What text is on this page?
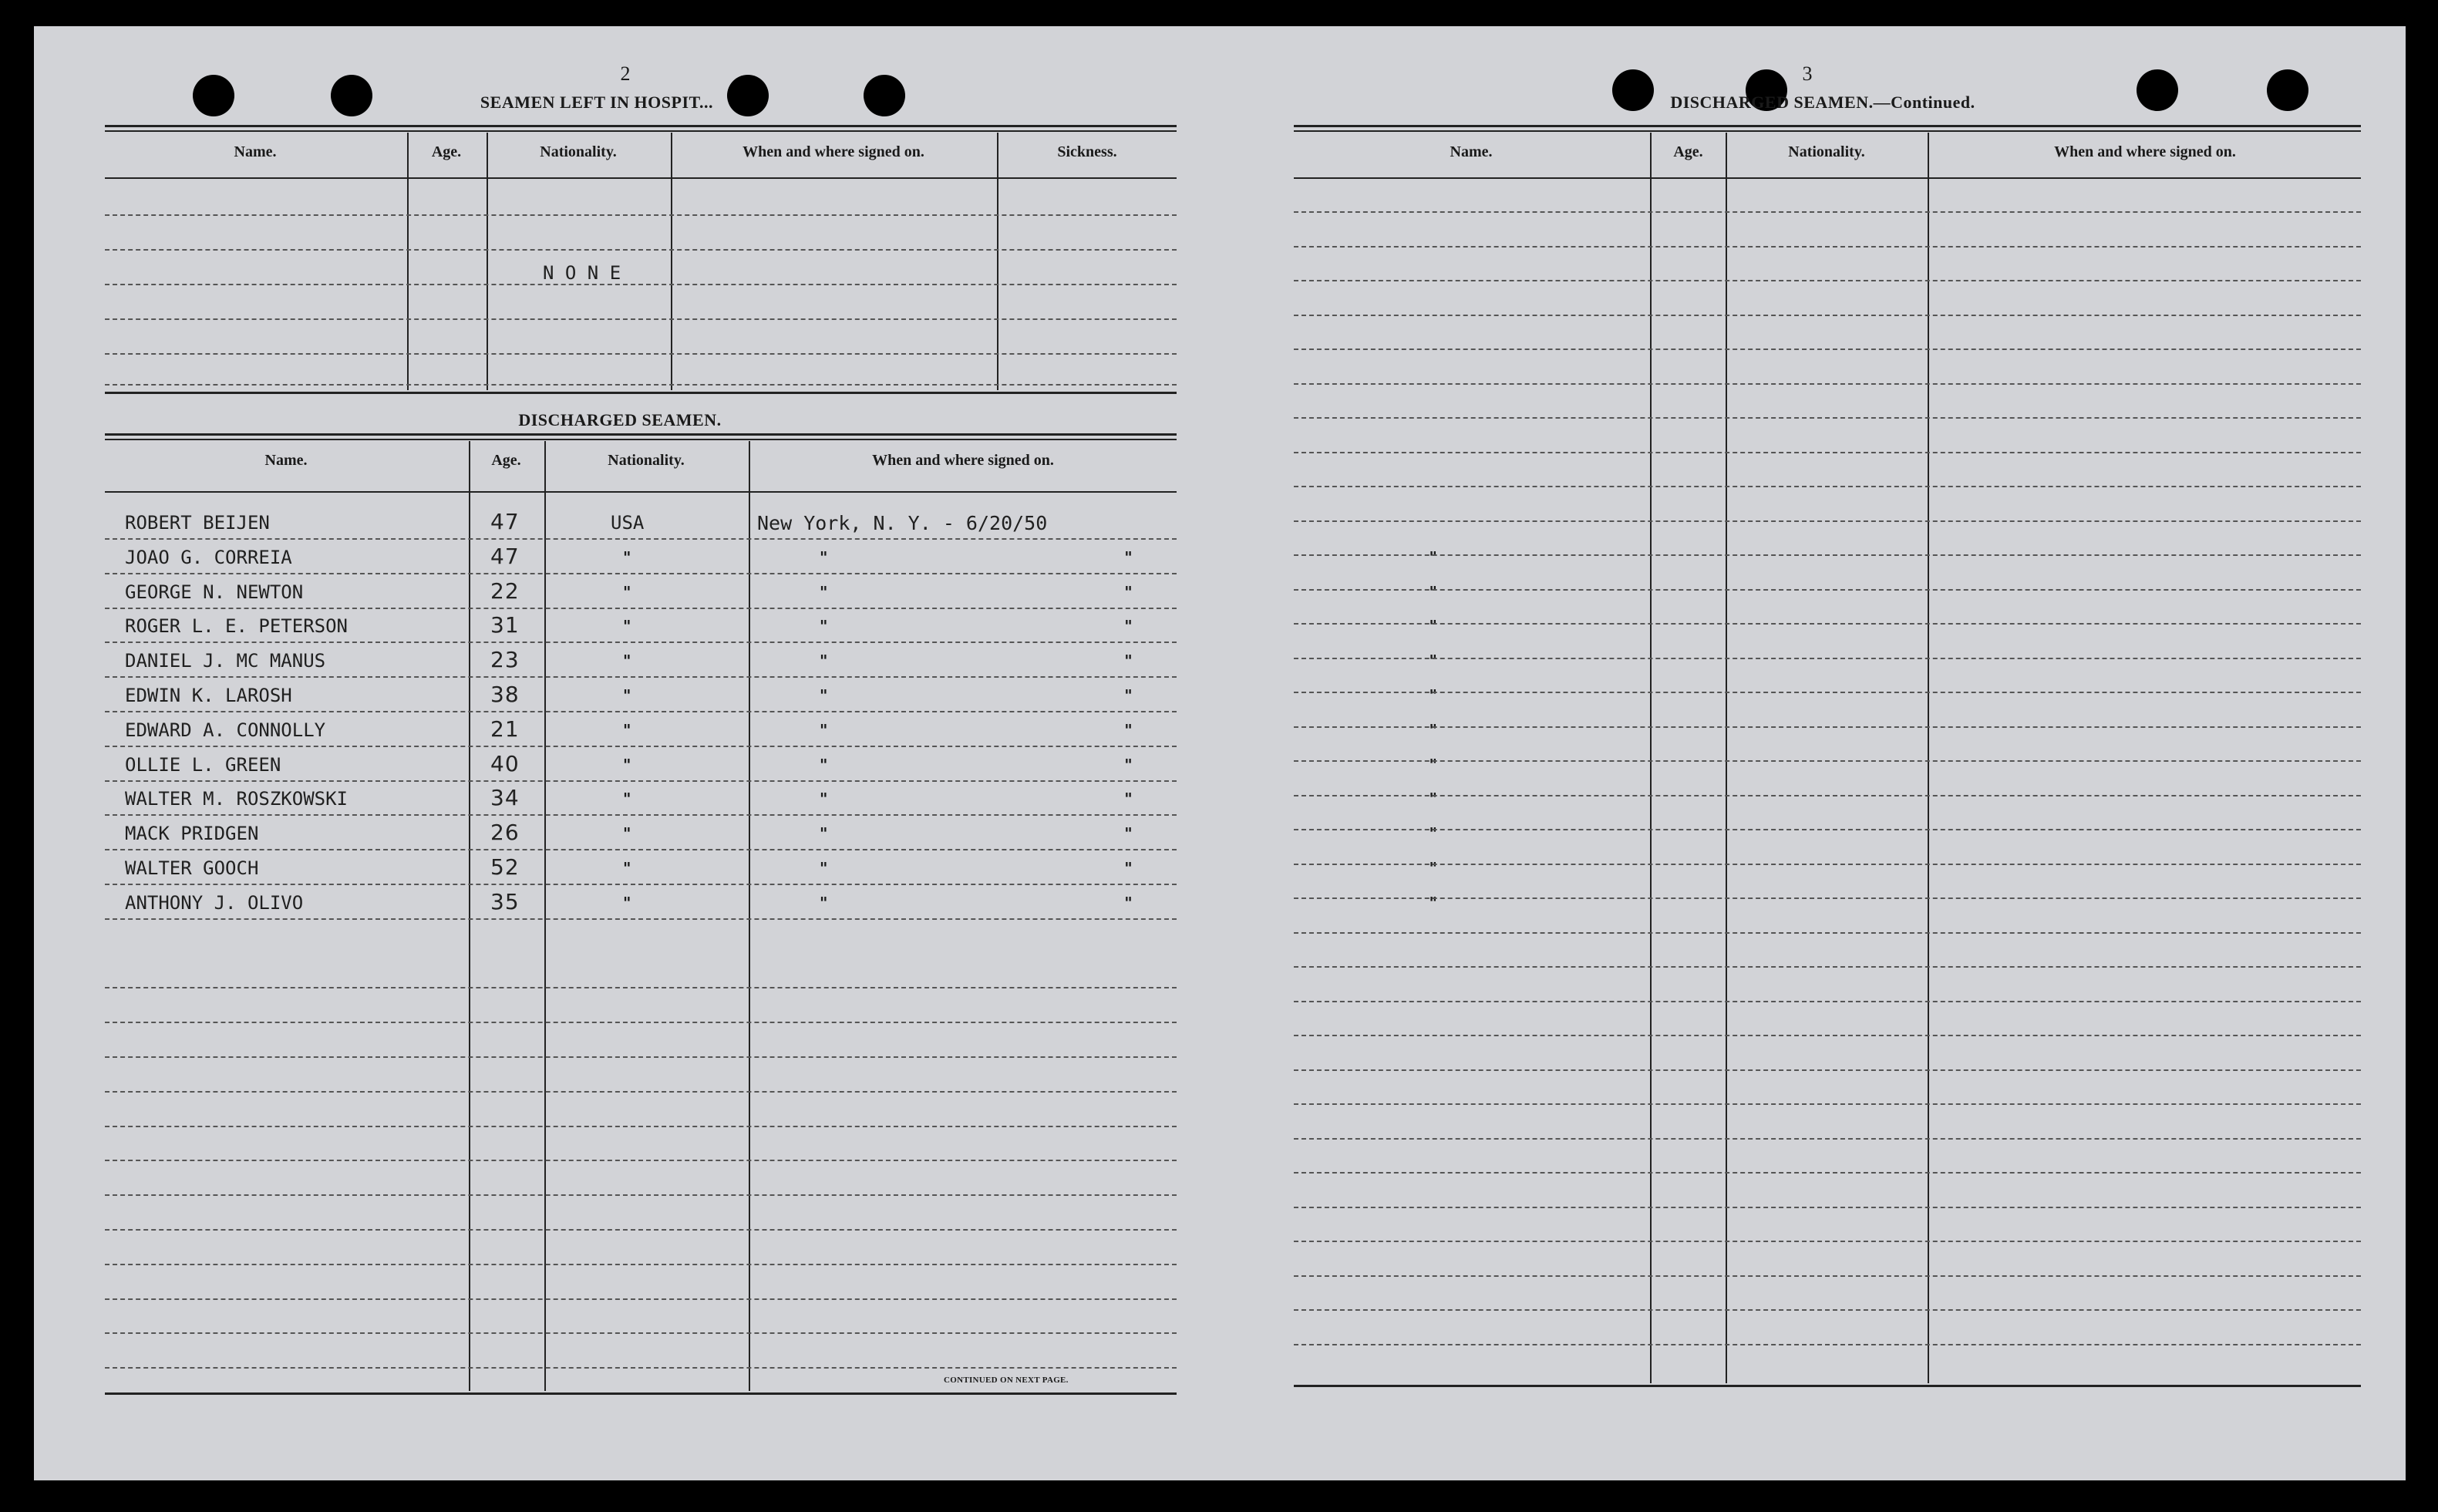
2
SEAMEN LEFT IN HOSPIT...
Name.	Age.	Nationality.	When and where signed on.	Sickness.
N O N E
DISCHARGED SEAMEN.
Name.	Age.	Nationality.	When and where signed on.
ROBERT BEIJEN	47	USA	New York, N. Y. - 6/20/50
JOAO G. CORREIA	47	"	"     "     "
GEORGE N. NEWTON	22	"	"     "     "
ROGER L. E. PETERSON	31	"	"     "     "
DANIEL J. MC MANUS	23	"	"     "     "
EDWIN K. LAROSH	38	"	"     "     "
EDWARD A. CONNOLLY	21	"	"     "     "
OLLIE L. GREEN	40	"	"     "     "
WALTER M. ROSZKOWSKI	34	"	"     "     "
MACK PRIDGEN	26	"	"     "     "
WALTER GOOCH	52	"	"     "     "
ANTHONY J. OLIVO	35	"	"     "     "
CONTINUED ON NEXT PAGE.
3
DISCHARGED SEAMEN.—Continued.
Name.	Age.	Nationality.	When and where signed on.
